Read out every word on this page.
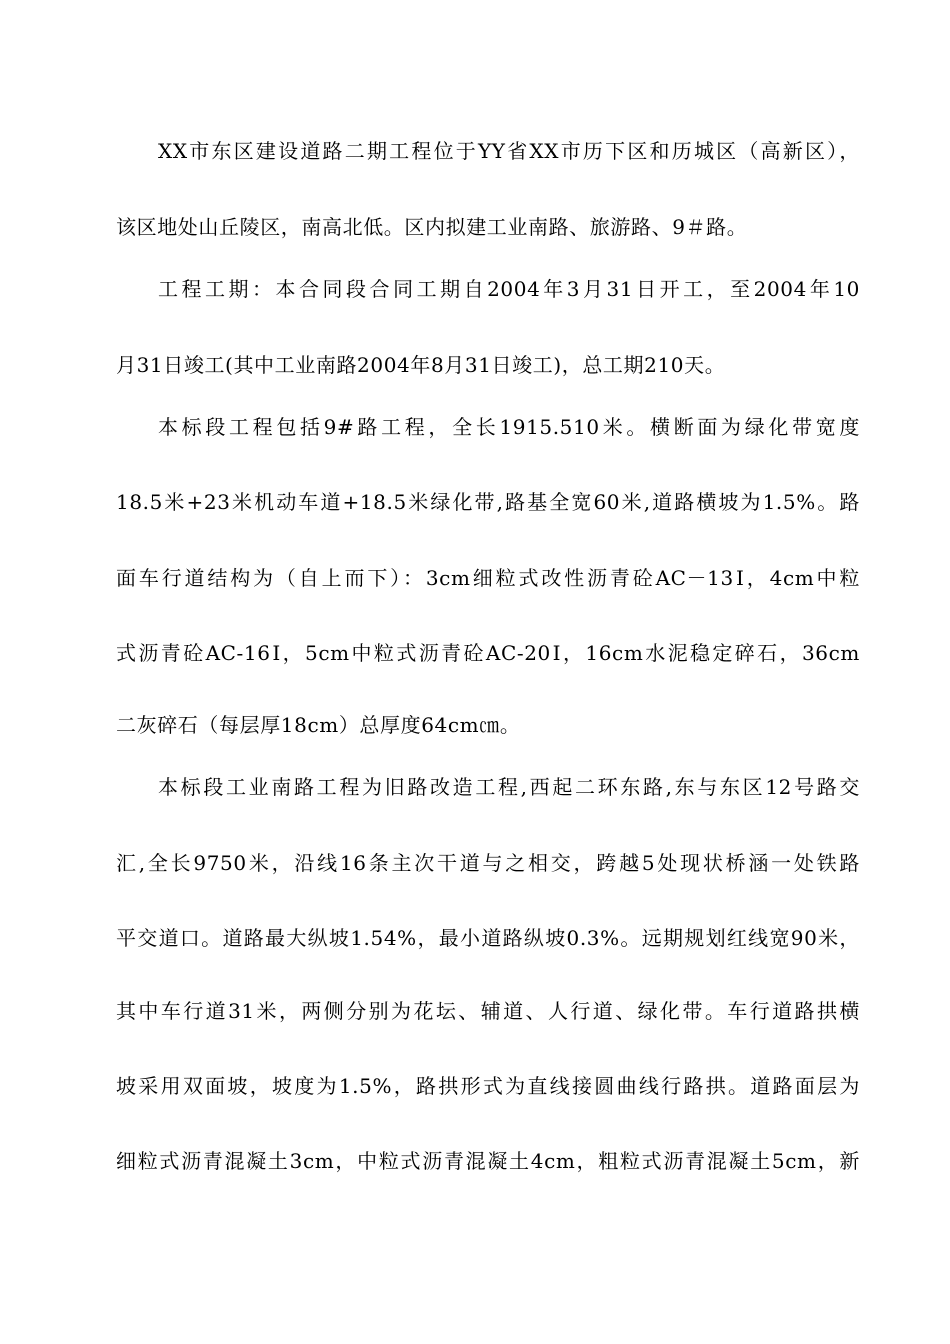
XX市东区建设道路二期工程位于YY省XX市历下区和历城区（高新区），
该区地处山丘陵区，南高北低。区内拟建工业南路、旅游路、9＃路。
工程工期：本合同段合同工期自2004年3月31日开工，至2004年10
月31日竣工(其中工业南路2004年8月31日竣工)，总工期210天。
本标段工程包括9#路工程，全长1915.510米。横断面为绿化带宽度
18.5米+23米机动车道+18.5米绿化带,路基全宽60米,道路横坡为1.5%。路
面车行道结构为（自上而下）：3cm细粒式改性沥青砼AC－13Ⅰ，4cm中粒
式沥青砼AC-16Ⅰ，5cm中粒式沥青砼AC-20Ⅰ，16cm水泥稳定碎石，36cm
二灰碎石（每层厚18cm）总厚度64cm㎝。
本标段工业南路工程为旧路改造工程,西起二环东路,东与东区12号路交
汇,全长9750米，沿线16条主次干道与之相交，跨越5处现状桥涵一处铁路
平交道口。道路最大纵坡1.54%，最小道路纵坡0.3%。远期规划红线宽90米，
其中车行道31米，两侧分别为花坛、辅道、人行道、绿化带。车行道路拱横
坡采用双面坡，坡度为1.5%，路拱形式为直线接圆曲线行路拱。道路面层为
细粒式沥青混凝土3cm，中粒式沥青混凝土4cm，粗粒式沥青混凝土5cm，新
